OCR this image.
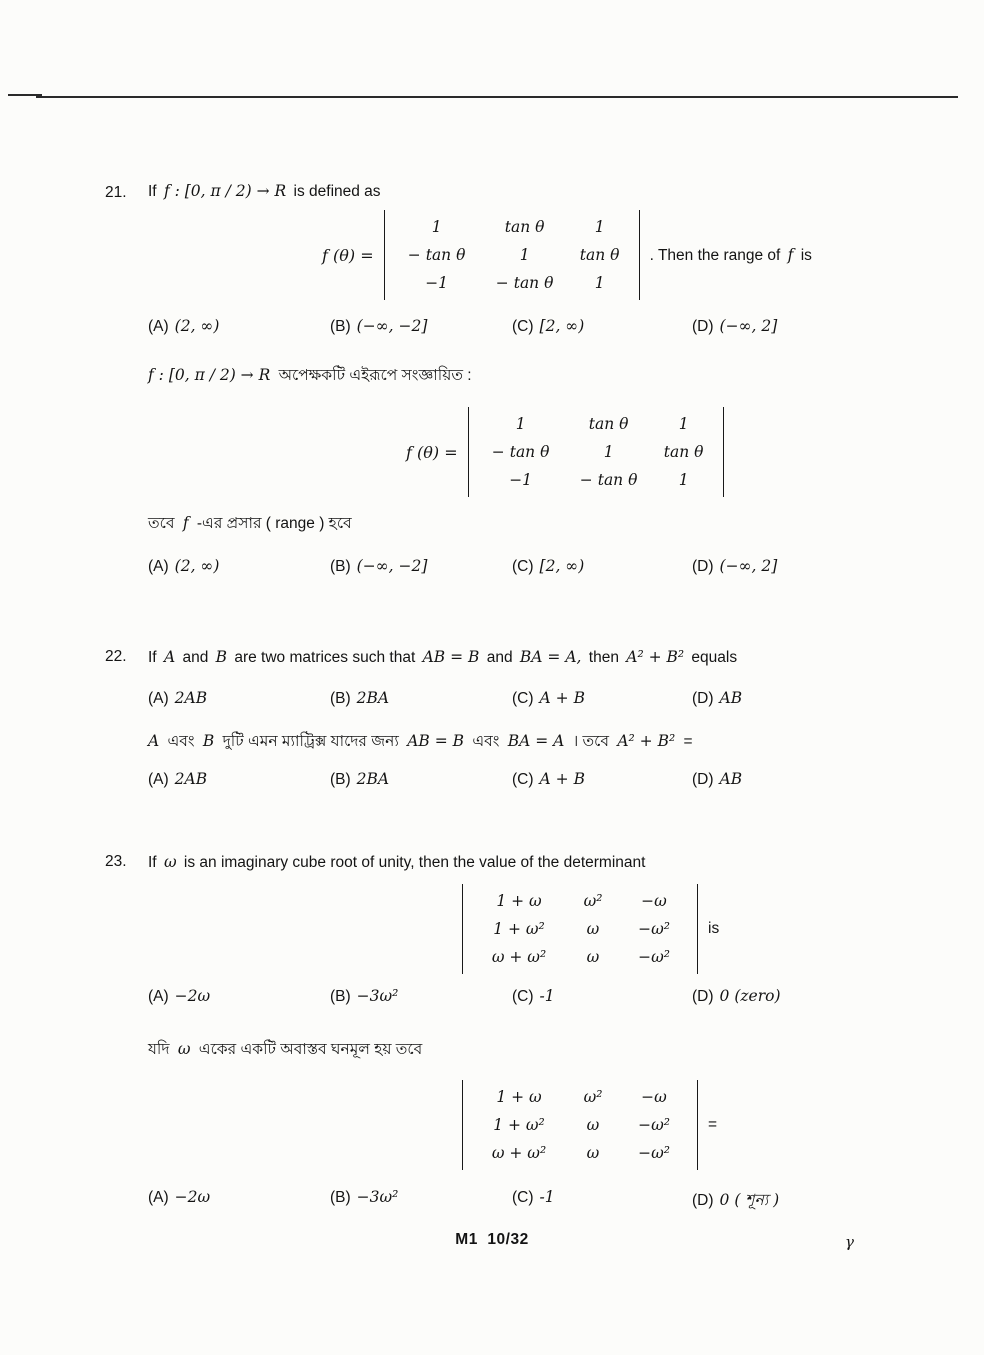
21. If f : [0, π / 2) → R is defined as
f (θ) =
1	tan θ	1
− tan θ	1	tan θ
−1	− tan θ	1
. Then the range of f is
(A) (2, ∞)	(B) (−∞, −2]	(C) [2, ∞)	(D) (−∞, 2]
f : [0, π / 2) → R অপেক্ষকটি এইরূপে সংজ্ঞায়িত :
f (θ) =
1	tan θ	1
− tan θ	1	tan θ
−1	− tan θ	1
তবে f -এর প্রসার ( range ) হবে
(A) (2, ∞)	(B) (−∞, −2]	(C) [2, ∞)	(D) (−∞, 2]
22. If A and B are two matrices such that AB = B and BA = A, then A² + B² equals
(A) 2AB	(B) 2BA	(C) A + B	(D) AB
A এবং B দুটি এমন ম্যাট্রিক্স যাদের জন্য AB = B এবং BA = A । তবে A² + B² =
(A) 2AB	(B) 2BA	(C) A + B	(D) AB
23. If ω is an imaginary cube root of unity, then the value of the determinant
1 + ω	ω²	−ω
1 + ω²	ω	−ω²
ω + ω²	ω	−ω²
is
(A) −2ω	(B) −3ω²	(C) -1	(D) 0 (zero)
যদি ω একের একটি অবাস্তব ঘনমূল হয় তবে
1 + ω	ω²	−ω
1 + ω²	ω	−ω²
ω + ω²	ω	−ω²
=
(A) −2ω	(B) −3ω²	(C) -1	(D) 0 ( শূন্য )
M1  10/32	γ
